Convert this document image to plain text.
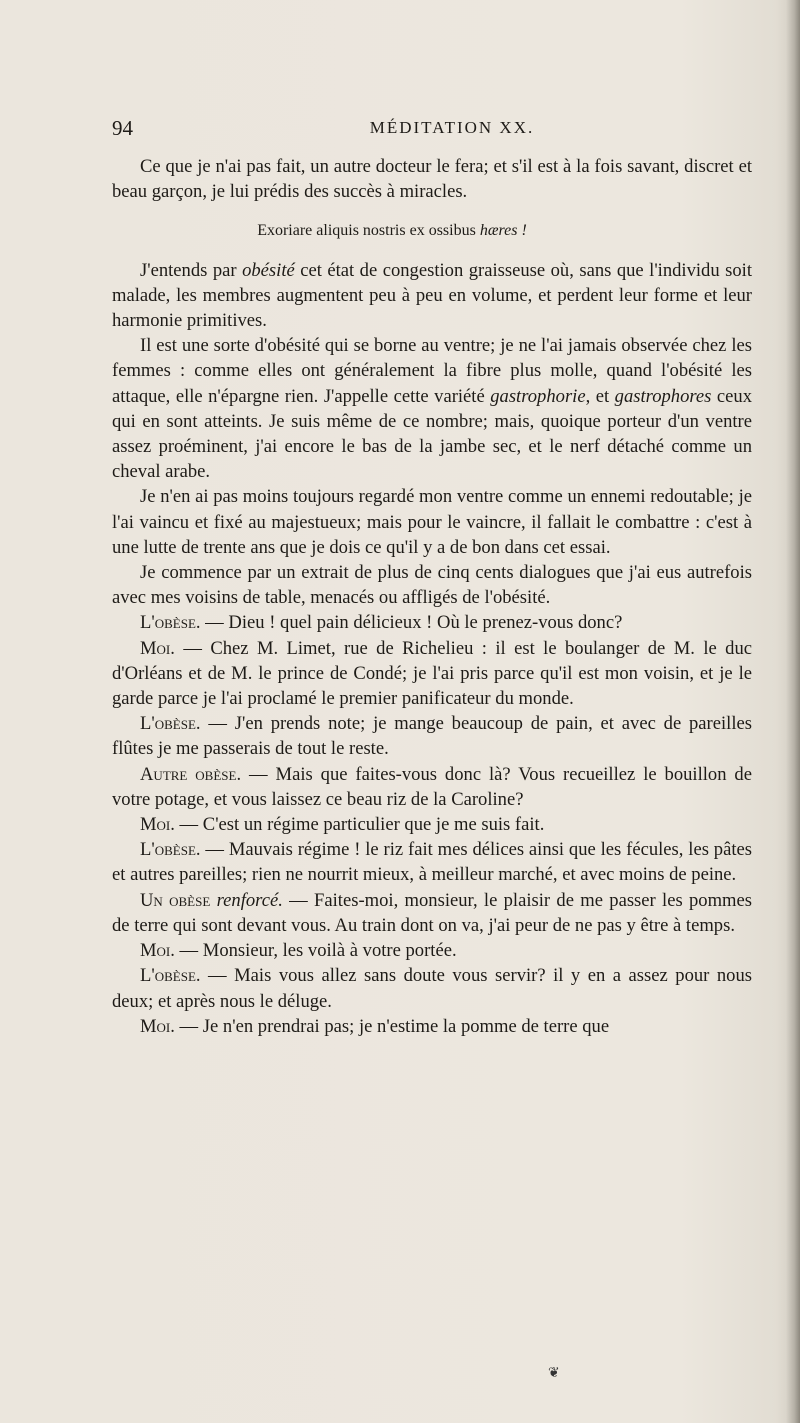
94	MÉDITATION XX.

Ce que je n'ai pas fait, un autre docteur le fera; et s'il est à la fois savant, discret et beau garçon, je lui prédis des succès à miracles.

Exoriare aliquis nostris ex ossibus hæres !

J'entends par obésité cet état de congestion graisseuse où, sans que l'individu soit malade, les membres augmentent peu à peu en volume, et perdent leur forme et leur harmonie primitives.

Il est une sorte d'obésité qui se borne au ventre; je ne l'ai jamais observée chez les femmes : comme elles ont généralement la fibre plus molle, quand l'obésité les attaque, elle n'épargne rien. J'appelle cette variété gastrophorie, et gastrophores ceux qui en sont atteints. Je suis même de ce nombre; mais, quoique porteur d'un ventre assez proéminent, j'ai encore le bas de la jambe sec, et le nerf détaché comme un cheval arabe.

Je n'en ai pas moins toujours regardé mon ventre comme un ennemi redoutable; je l'ai vaincu et fixé au majestueux; mais pour le vaincre, il fallait le combattre : c'est à une lutte de trente ans que je dois ce qu'il y a de bon dans cet essai.

Je commence par un extrait de plus de cinq cents dialogues que j'ai eus autrefois avec mes voisins de table, menacés ou affligés de l'obésité.

L'obèse. — Dieu ! quel pain délicieux ! Où le prenez-vous donc?

Moi. — Chez M. Limet, rue de Richelieu : il est le boulanger de M. le duc d'Orléans et de M. le prince de Condé; je l'ai pris parce qu'il est mon voisin, et je le garde parce je l'ai proclamé le premier panificateur du monde.

L'obèse. — J'en prends note; je mange beaucoup de pain, et avec de pareilles flûtes je me passerais de tout le reste.

Autre obèse. — Mais que faites-vous donc là? Vous recueillez le bouillon de votre potage, et vous laissez ce beau riz de la Caroline?

Moi. — C'est un régime particulier que je me suis fait.

L'obèse. — Mauvais régime ! le riz fait mes délices ainsi que les fécules, les pâtes et autres pareilles; rien ne nourrit mieux, à meilleur marché, et avec moins de peine.

Un obèse renforcé. — Faites-moi, monsieur, le plaisir de me passer les pommes de terre qui sont devant vous. Au train dont on va, j'ai peur de ne pas y être à temps.

Moi. — Monsieur, les voilà à votre portée.

L'obèse. — Mais vous allez sans doute vous servir? il y en a assez pour nous deux; et après nous le déluge.

Moi. — Je n'en prendrai pas; je n'estime la pomme de terre que

❦
